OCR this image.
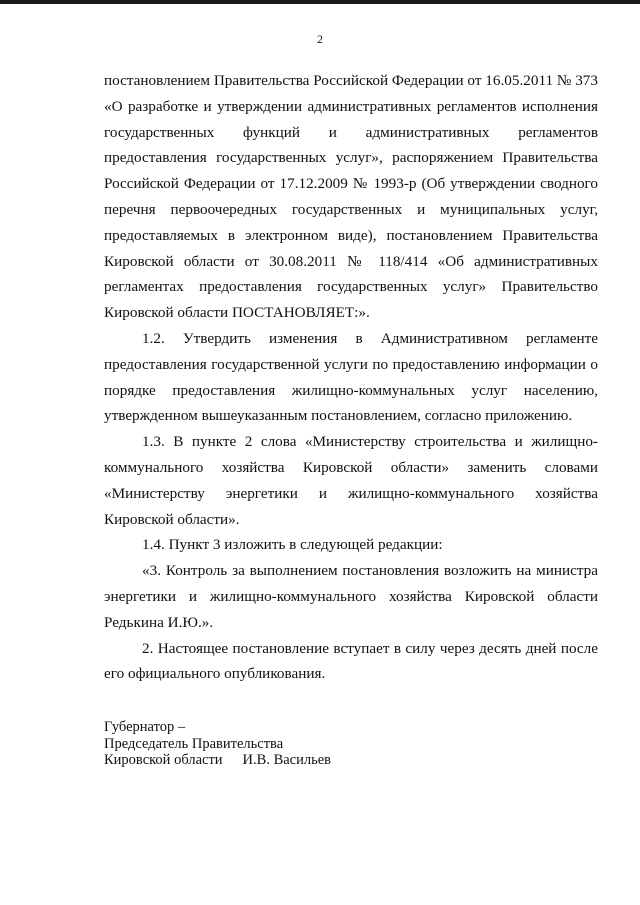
2

постановлением Правительства Российской Федерации от 16.05.2011 № 373 «О разработке и утверждении административных регламентов исполнения государственных функций и административных регламентов предоставления государственных услуг», распоряжением Правительства Российской Федерации от 17.12.2009 № 1993-р (Об утверждении сводного перечня первоочередных государственных и муниципальных услуг, предоставляемых в электронном виде), постановлением Правительства Кировской области от 30.08.2011 № 118/414 «Об административных регламентах предоставления государственных услуг» Правительство Кировской области ПОСТАНОВЛЯЕТ:».

1.2. Утвердить изменения в Административном регламенте предоставления государственной услуги по предоставлению информации о порядке предоставления жилищно-коммунальных услуг населению, утвержденном вышеуказанным постановлением, согласно приложению.

1.3. В пункте 2 слова «Министерству строительства и жилищно-коммунального хозяйства Кировской области» заменить словами «Министерству энергетики и жилищно-коммунального хозяйства Кировской области».

1.4. Пункт 3 изложить в следующей редакции:

«3. Контроль за выполнением постановления возложить на министра энергетики и жилищно-коммунального хозяйства Кировской области Редькина И.Ю.».

2. Настоящее постановление вступает в силу через десять дней после его официального опубликования.

Губернатор –
Председатель Правительства
Кировской области И.В. Васильев
